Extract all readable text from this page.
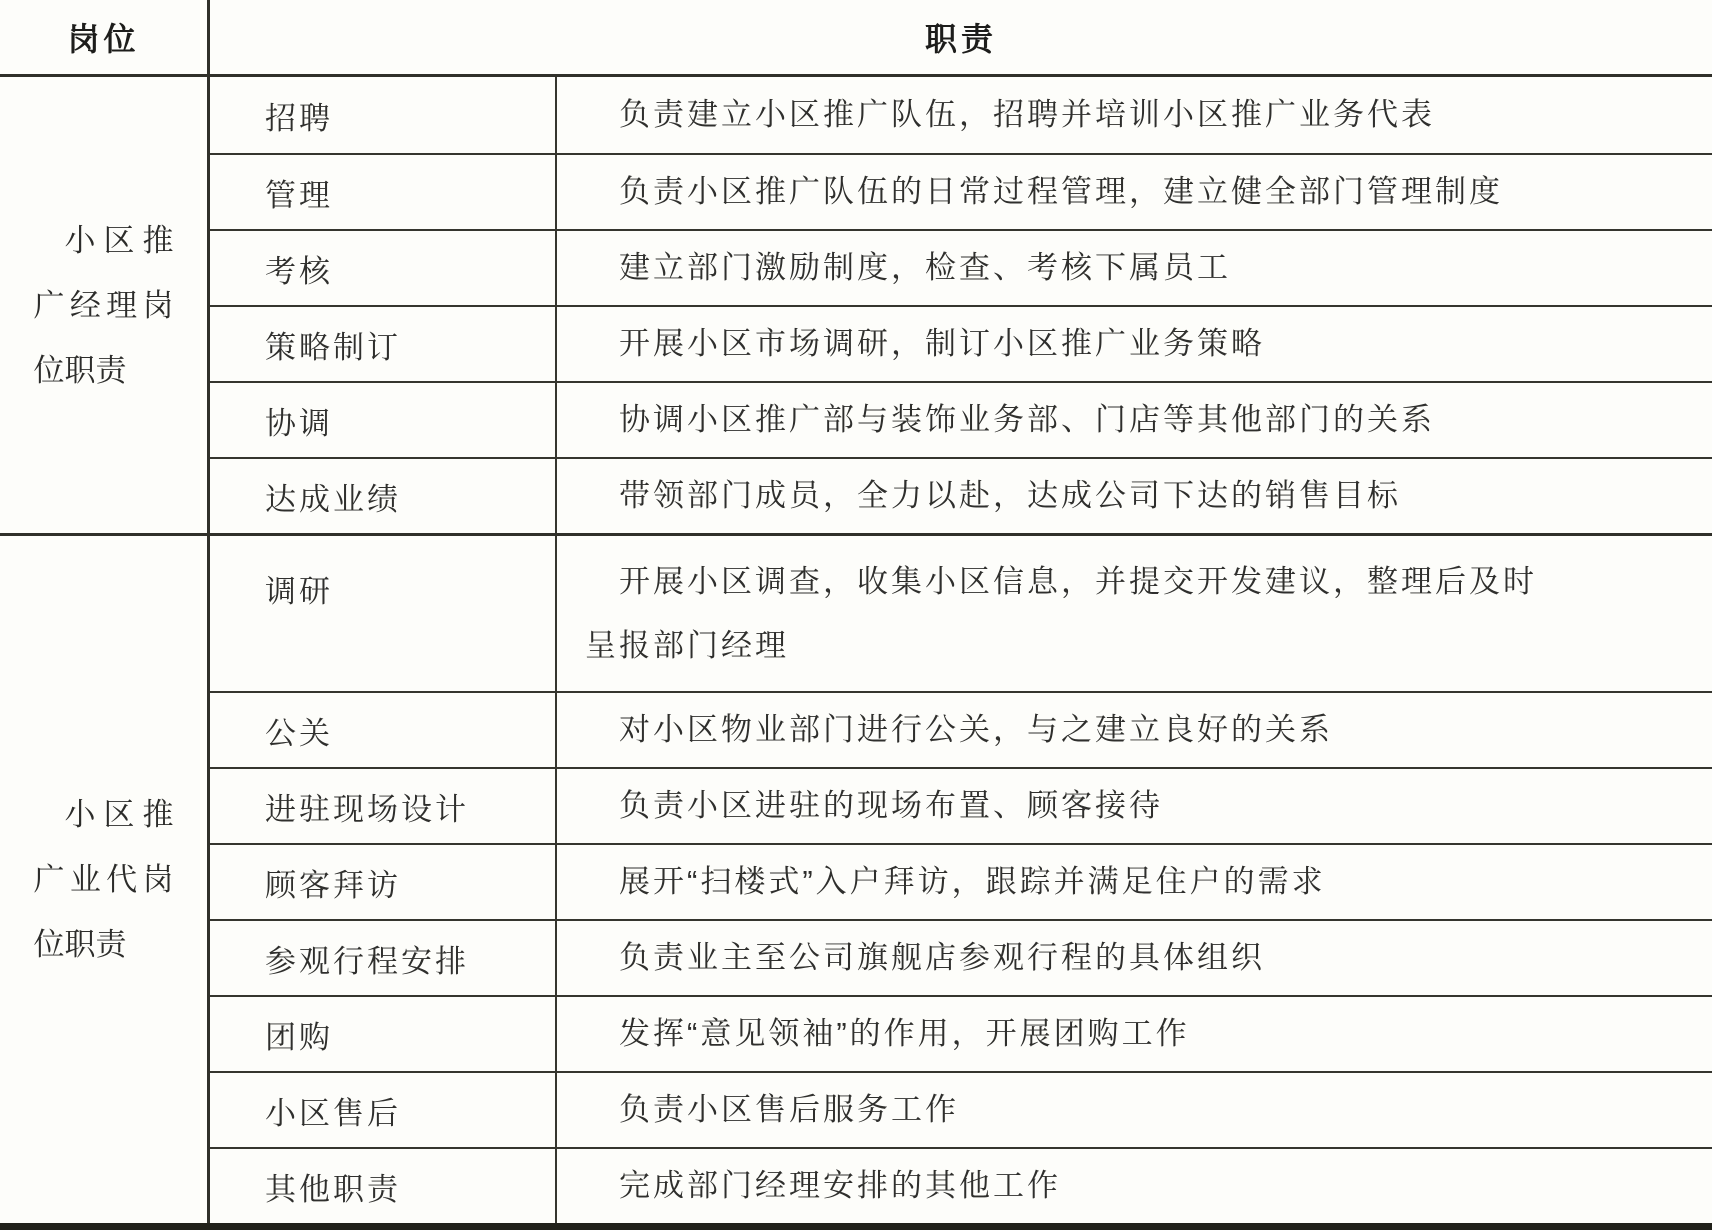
岗位	职责

小区推广经理岗位职责

招聘	负责建立小区推广队伍，招聘并培训小区推广业务代表
管理	负责小区推广队伍的日常过程管理，建立健全部门管理制度
考核	建立部门激励制度，检查、考核下属员工
策略制订	开展小区市场调研，制订小区推广业务策略
协调	协调小区推广部与装饰业务部、门店等其他部门的关系
达成业绩	带领部门成员，全力以赴，达成公司下达的销售目标

小区推广业代岗位职责

调研	开展小区调查，收集小区信息，并提交开发建议，整理后及时呈报部门经理
公关	对小区物业部门进行公关，与之建立良好的关系
进驻现场设计	负责小区进驻的现场布置、顾客接待
顾客拜访	展开“扫楼式”入户拜访，跟踪并满足住户的需求
参观行程安排	负责业主至公司旗舰店参观行程的具体组织
团购	发挥“意见领袖”的作用，开展团购工作
小区售后	负责小区售后服务工作
其他职责	完成部门经理安排的其他工作
